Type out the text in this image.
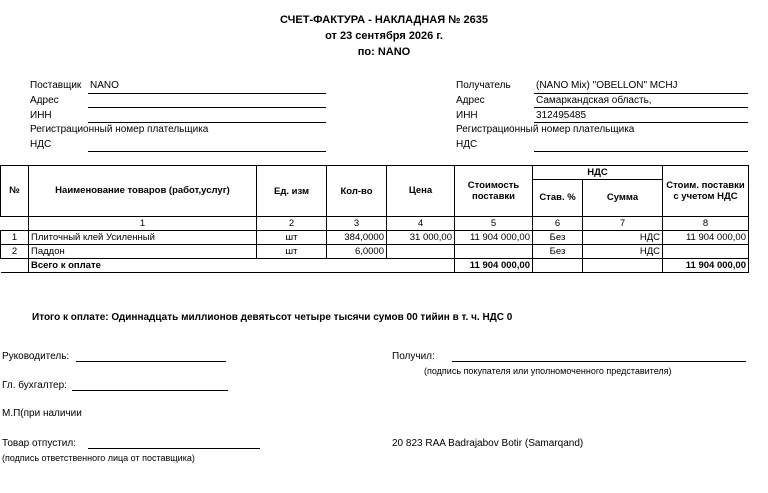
СЧЕТ-ФАКТУРА - НАКЛАДНАЯ № 2635
от 23 сентября 2026 г.
по: NANO
Поставщик NANO
Адрес
ИНН
Регистрационный номер плательщика
НДС
Получатель	(NANO Mix) "OBELLON" MCHJ
Адрес	Самаркандская область,
ИНН	312495485
Регистрационный номер плательщика
НДС
№	Наименование товаров (работ,услуг)	Ед. изм	Кол-во	Цена	Стоимость поставки	НДС		Стоим. поставки с учетом НДС
						Став. %	Сумма	
	1	2	3	4	5	6	7	8
1	Плиточный клей Усиленный	шт	384,0000	31 000,00	11 904 000,00	Без	НДС	11 904 000,00
2	Паддон	шт	6,0000			Без	НДС	
	Всего к оплате				11 904 000,00			11 904 000,00
Итого к оплате: Одиннадцать миллионов девятьсот четыре тысячи сумов 00 тийин в т. ч. НДС 0
Руководитель:
Гл. бухгалтер:
М.П(при наличии
Товар отпустил:
(подпись ответственного лица от поставщика)
Получил:
(подпись покупателя или уполномоченного представителя)
20 823 RAA Badrajabov Botir (Samarqand)
